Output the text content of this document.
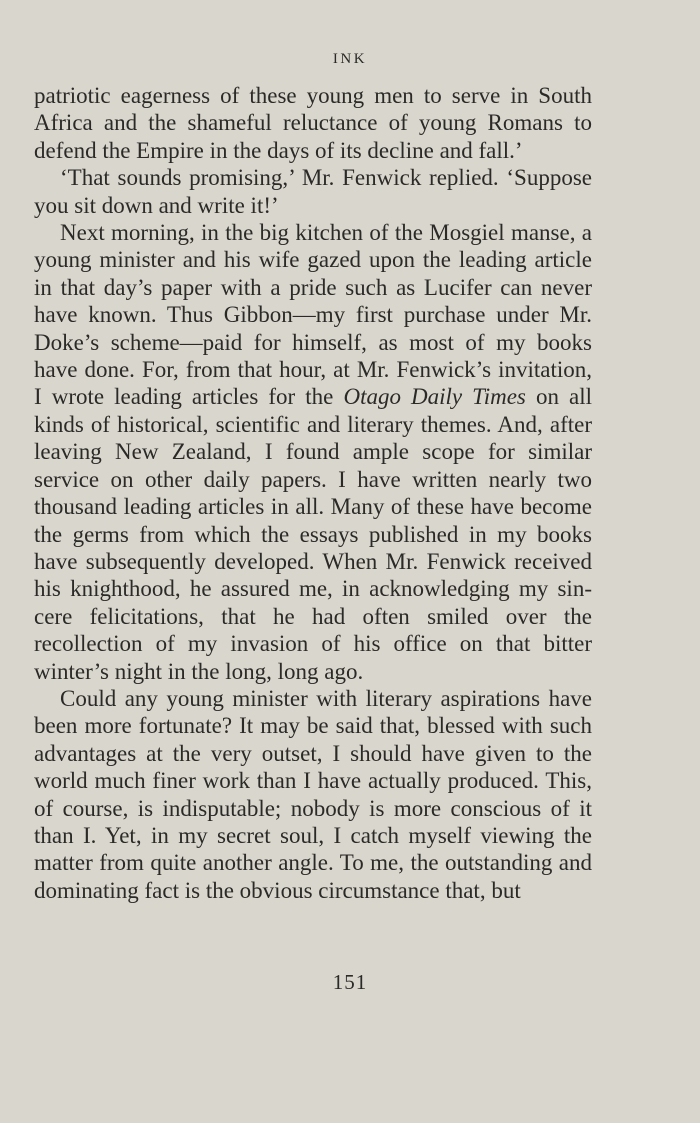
INK

patriotic eagerness of these young men to serve in South Africa and the shameful reluctance of young Romans to defend the Empire in the days of its decline and fall.’

‘That sounds promising,’ Mr. Fenwick replied. ‘Suppose you sit down and write it!’

Next morning, in the big kitchen of the Mosgiel manse, a young minister and his wife gazed upon the leading article in that day’s paper with a pride such as Lucifer can never have known. Thus Gibbon—my first purchase under Mr. Doke’s scheme—paid for himself, as most of my books have done. For, from that hour, at Mr. Fenwick’s invitation, I wrote leading articles for the Otago Daily Times on all kinds of historical, scientific and literary themes. And, after leaving New Zealand, I found ample scope for similar service on other daily papers. I have written nearly two thousand leading articles in all. Many of these have become the germs from which the essays published in my books have subsequently developed. When Mr. Fenwick received his knighthood, he assured me, in acknowledging my sincere felicitations, that he had often smiled over the recollection of my invasion of his office on that bitter winter’s night in the long, long ago.

Could any young minister with literary aspirations have been more fortunate? It may be said that, blessed with such advantages at the very outset, I should have given to the world much finer work than I have actually produced. This, of course, is indisputable; nobody is more conscious of it than I. Yet, in my secret soul, I catch myself viewing the matter from quite another angle. To me, the outstanding and dominating fact is the obvious circumstance that, but

151
